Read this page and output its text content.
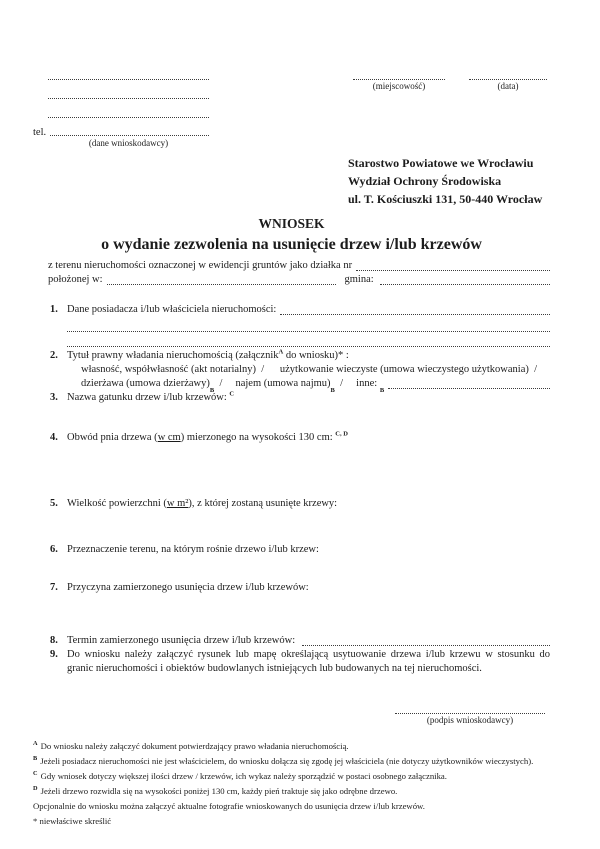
tel.
(dane wnioskodawcy)
(miejscowość)	(data)
Starostwo Powiatowe we Wrocławiu
Wydział Ochrony Środowiska
ul. T. Kościuszki 131, 50-440 Wrocław
WNIOSEK
o wydanie zezwolenia na usunięcie drzew i/lub krzewów
z terenu nieruchomości oznaczonej w ewidencji gruntów jako działka nr
położonej w:	gmina:
1. Dane posiadacza i/lub właściciela nieruchomości:
2. Tytuł prawny władania nieruchomością (załącznik$^A$ do wniosku)* :
własność, współwłasność (akt notarialny)  /      użytkowanie wieczyste (umowa wieczystego użytkowania)  /
dzierżawa (umowa dzierżawy)
B
/     najem (umowa najmu)
B
/     inne:
B
3. Nazwa gatunku drzew i/lub krzewów: $^C$
4. Obwód pnia drzewa (w cm) mierzonego na wysokości 130 cm: $^{C, D}$
5. Wielkość powierzchni (w m²), z której zostaną usunięte krzewy:
6. Przeznaczenie terenu, na którym rośnie drzewo i/lub krzew:
7. Przyczyna zamierzonego usunięcia drzew i/lub krzewów:
8. Termin zamierzonego usunięcia drzew i/lub krzewów:
9. Do wniosku należy załączyć rysunek lub mapę określającą usytuowanie drzewa i/lub krzewu w stosunku do granic nieruchomości i obiektów budowlanych istniejących lub budowanych na tej nieruchomości.
(podpis wnioskodawcy)
$^A$ Do wniosku należy załączyć dokument potwierdzający prawo władania nieruchomością.
$^B$ Jeżeli posiadacz nieruchomości nie jest właścicielem, do wniosku dołącza się zgodę jej właściciela (nie dotyczy użytkowników wieczystych).
$^C$ Gdy wniosek dotyczy większej ilości drzew / krzewów, ich wykaz należy sporządzić w postaci osobnego załącznika.
$^D$ Jeżeli drzewo rozwidla się na wysokości poniżej 130 cm, każdy pień traktuje się jako odrębne drzewo.
Opcjonalnie do wniosku można załączyć aktualne fotografie wnioskowanych do usunięcia drzew i/lub krzewów.
* niewłaściwe skreślić
